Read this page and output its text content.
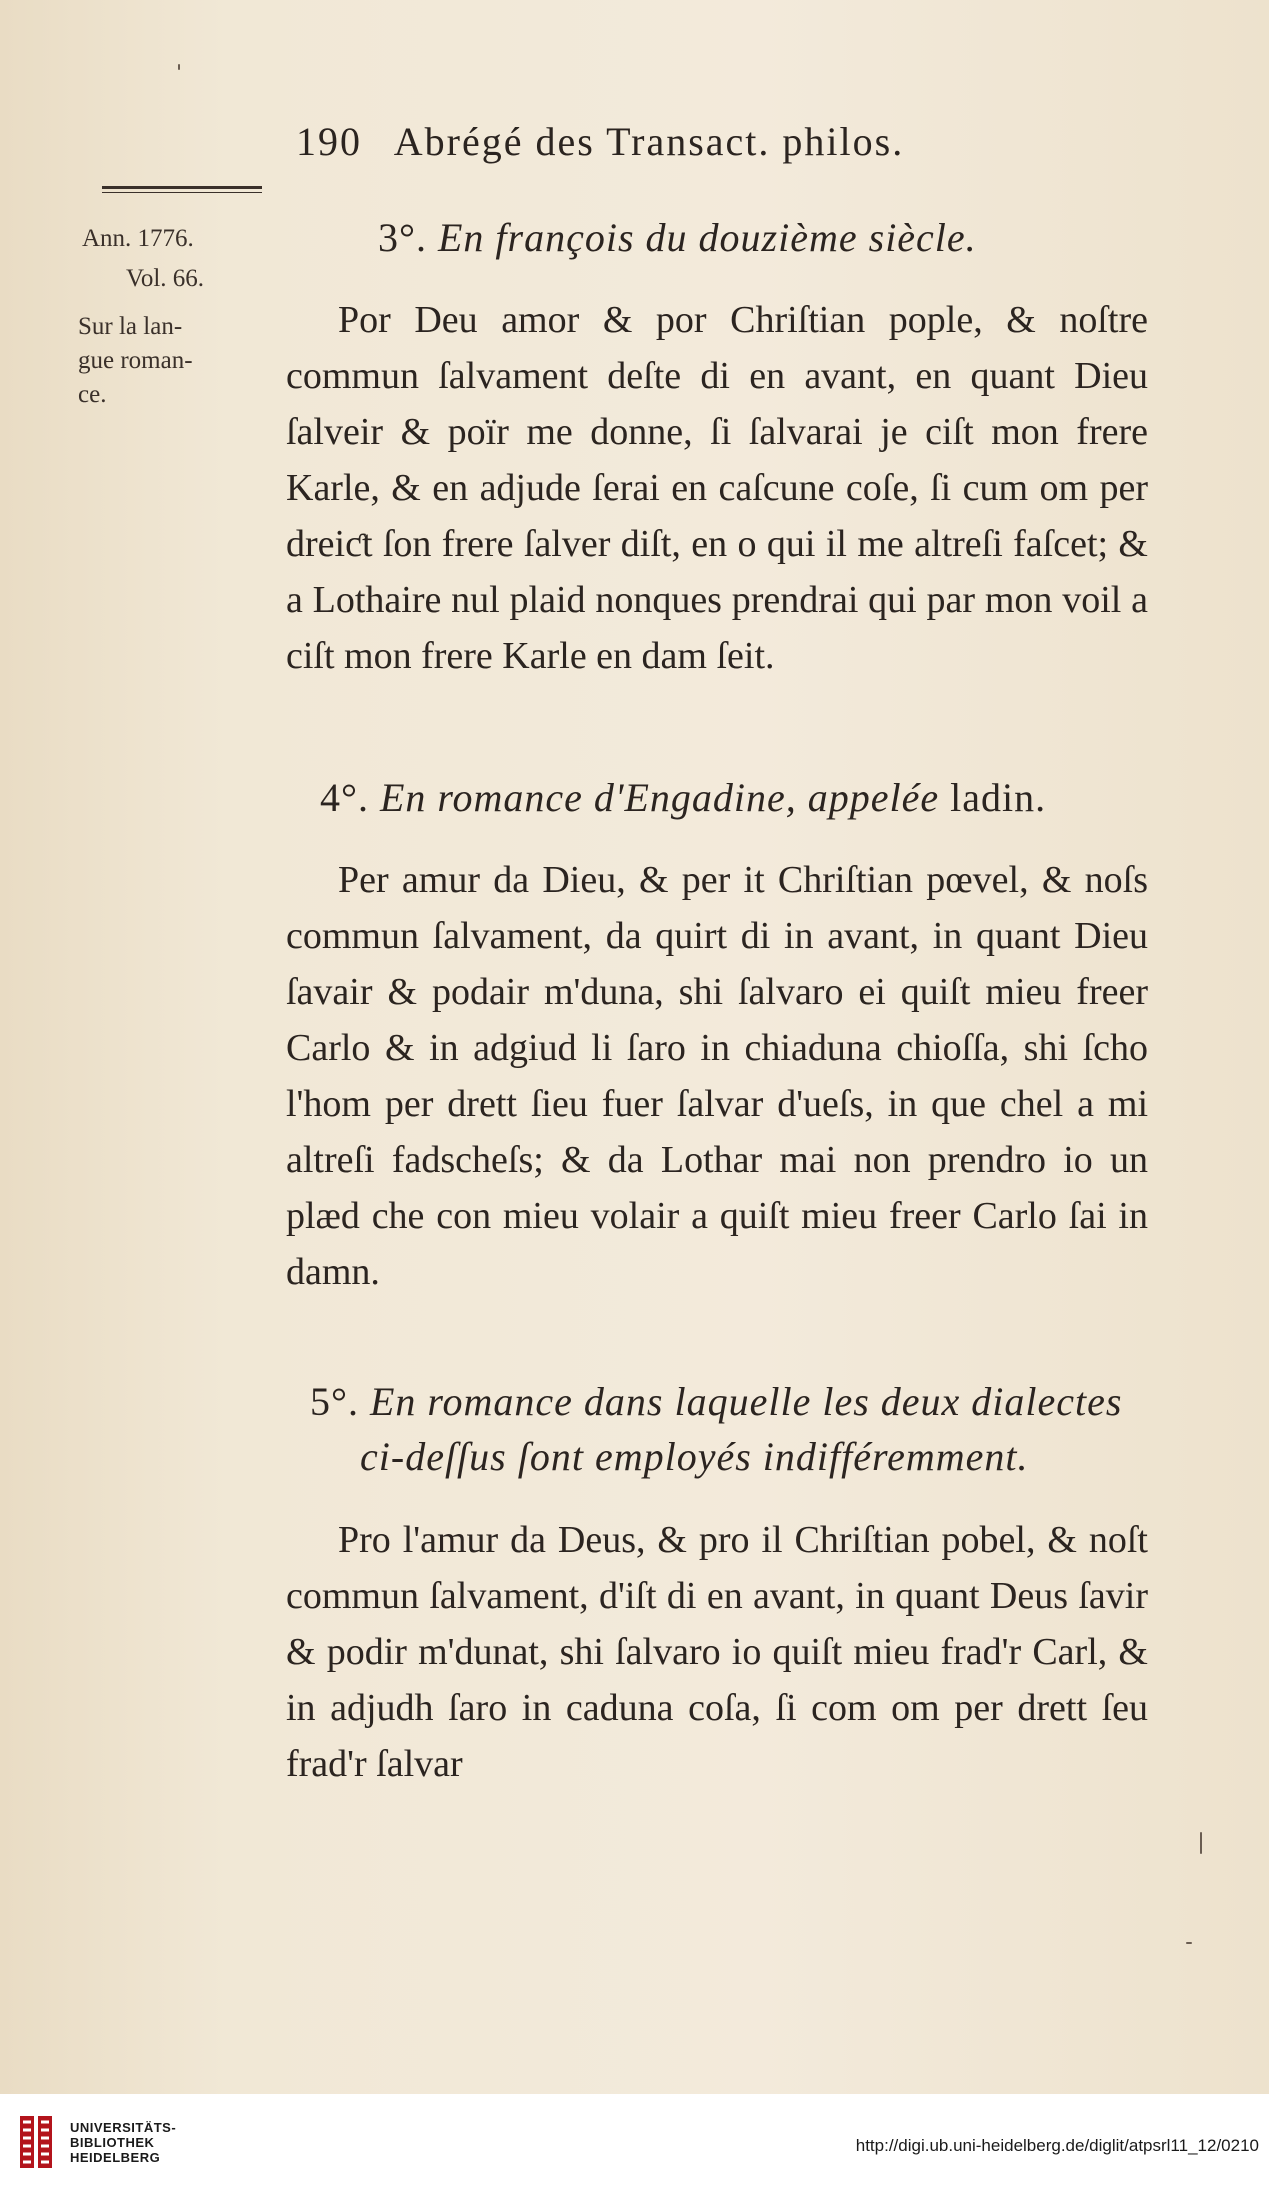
190 Abrégé des Transact. philos.
Ann. 1776.
Vol. 66.
Sur la lan-
gue roman-
ce.
3°. En françois du douzième siècle.
Por Deu amor & por Chriſtian pople, & noſtre commun ſalvament deſte di en avant, en quant Dieu ſalveir & poïr me donne, ſi ſalvarai je ciſt mon frere Karle, & en adjude ſerai en caſcune coſe, ſi cum om per dreiƈt ſon frere ſalver diſt, en o qui il me altreſi faſcet; & a Lothaire nul plaid nonques prendrai qui par mon voil a ciſt mon frere Karle en dam ſeit.
4°. En romance d'Engadine, appelée ladin.
Per amur da Dieu, & per it Chriſtian pœvel, & noſs commun ſalvament, da quirt di in avant, in quant Dieu ſavair & podair m'duna, shi ſalvaro ei quiſt mieu freer Carlo & in adgiud li ſaro in chiaduna chioſſa, shi ſcho l'hom per drett ſieu fuer ſalvar d'ueſs, in que chel a mi altreſi fadscheſs; & da Lothar mai non prendro io un plæd che con mieu volair a quiſt mieu freer Carlo ſai in damn.
5°. En romance dans laquelle les deux dialectes
ci-deſſus ſont employés indifféremment.
Pro l'amur da Deus, & pro il Chriſtian pobel, & noſt commun ſalvament, d'iſt di en avant, in quant Deus ſavir & podir m'dunat, shi ſalvaro io quiſt mieu frad'r Carl, & in adjudh ſaro in caduna coſa, ſi com om per drett ſeu frad'r ſalvar
UNIVERSITÄTS-
BIBLIOTHEK
HEIDELBERG
http://digi.ub.uni-heidelberg.de/diglit/atpsrl11_12/0210
